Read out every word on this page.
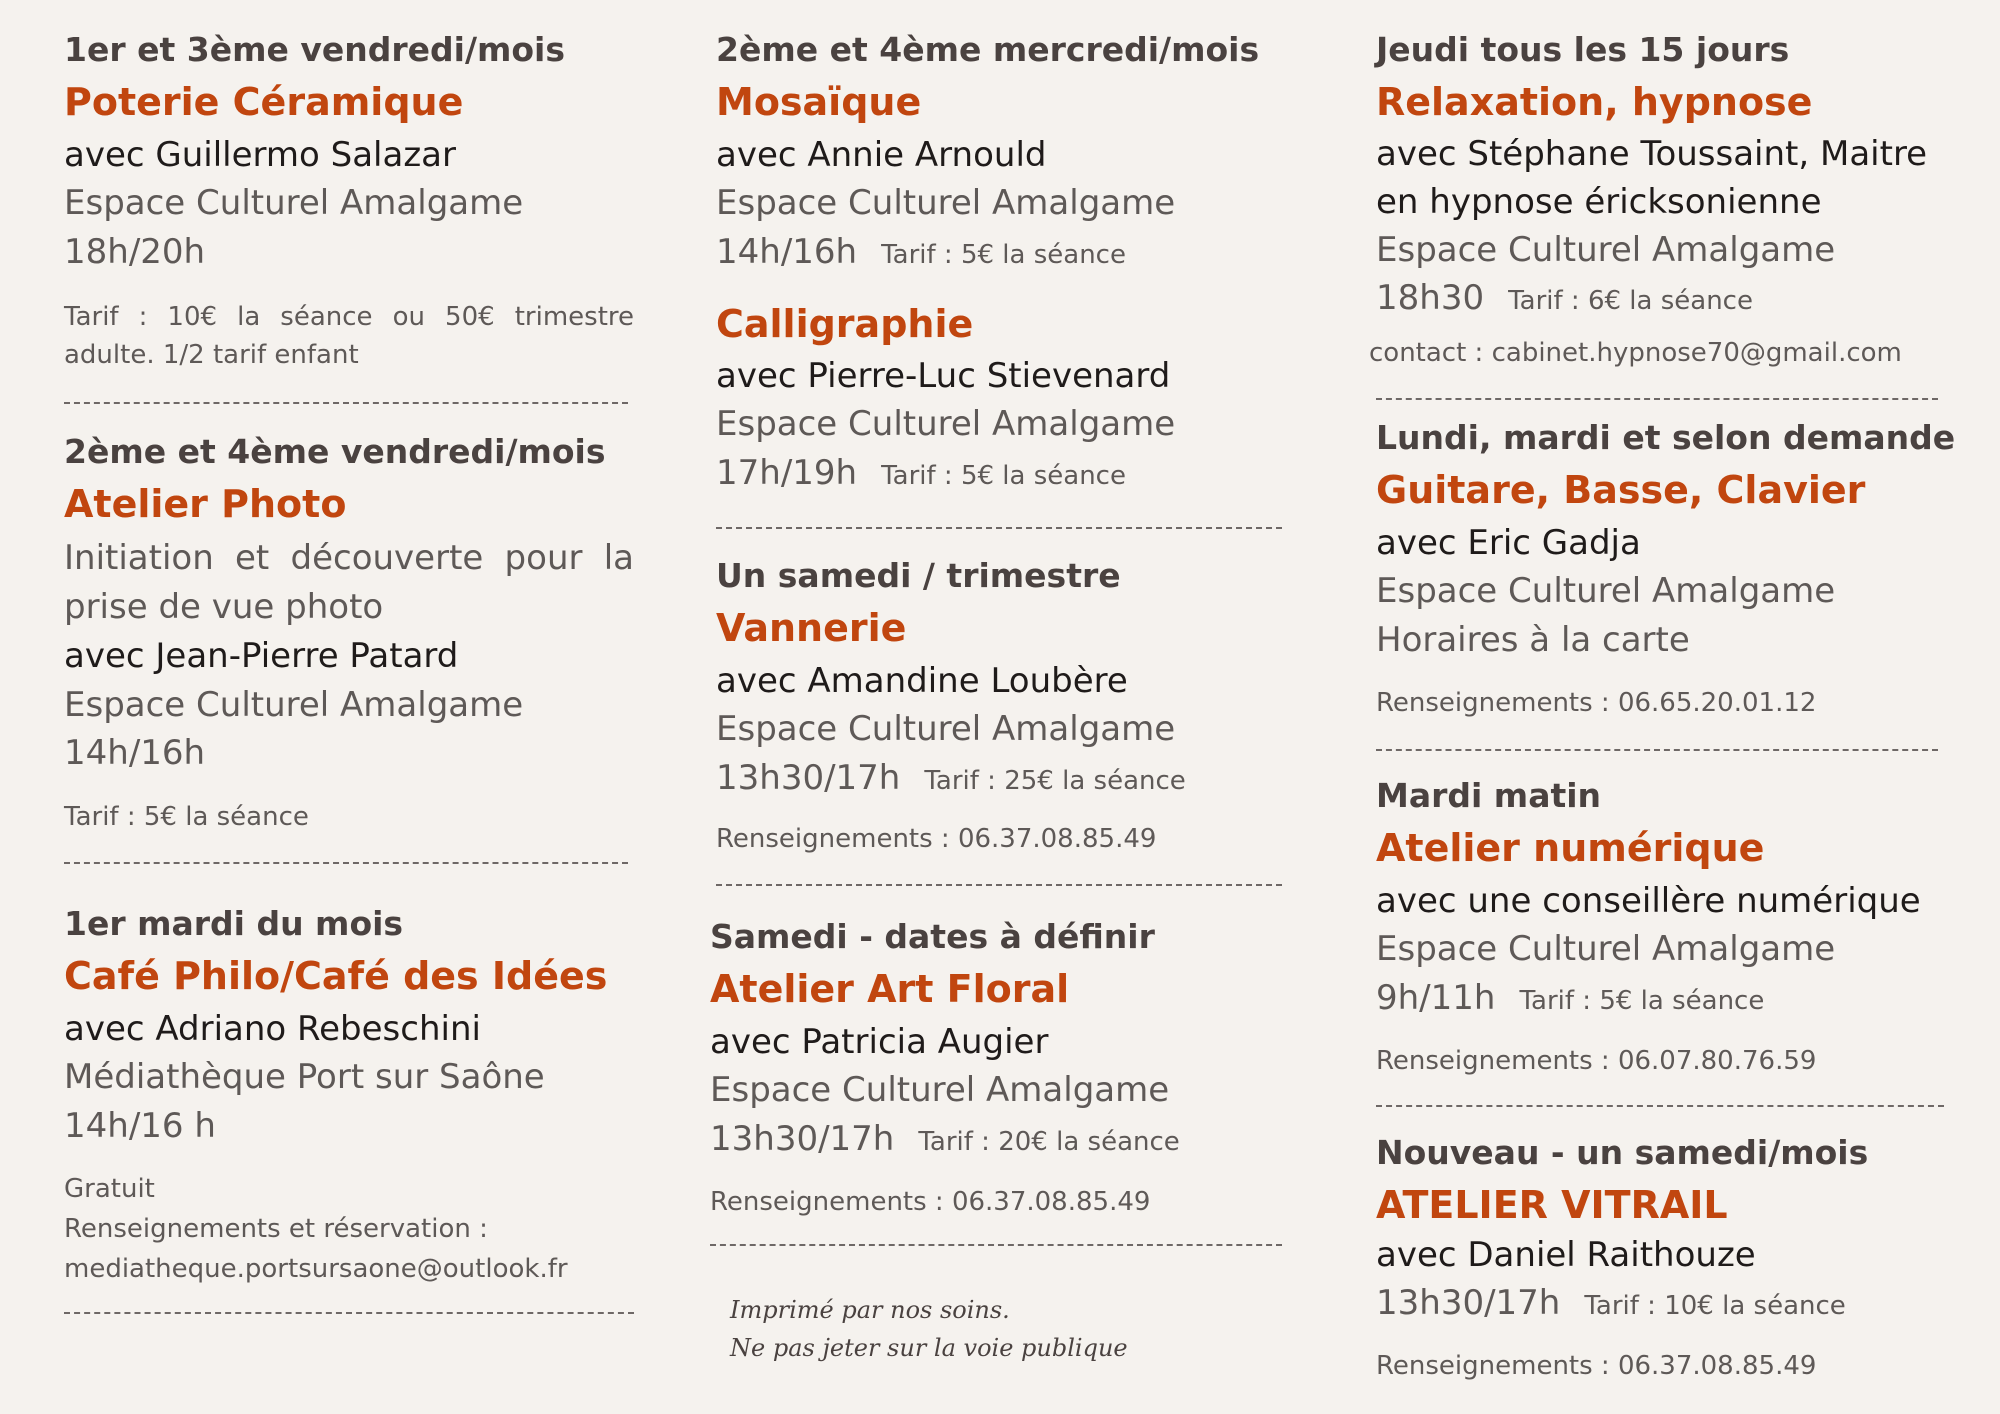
1er et 3ème vendredi/mois

Poterie Céramique

avec Guillermo Salazar

Espace Culturel Amalgame

18h/20h

Tarif : 10€ la séance ou 50€ trimestre adulte. 1/2 tarif enfant

2ème et 4ème vendredi/mois

Atelier Photo

Initiation et découverte pour la

prise de vue photo

avec Jean-Pierre Patard

Espace Culturel Amalgame

14h/16h

Tarif : 5€ la séance

1er mardi du mois

Café Philo/Café des Idées

avec Adriano Rebeschini

Médiathèque Port sur Saône

14h/16 h

Gratuit

Renseignements et réservation :

mediatheque.portsursaone@outlook.fr

2ème et 4ème mercredi/mois

Mosaïque

avec Annie Arnould

Espace Culturel Amalgame

14h/16h Tarif : 5€ la séance

Calligraphie

avec Pierre-Luc Stievenard

Espace Culturel Amalgame

17h/19h Tarif : 5€ la séance

Un samedi / trimestre

Vannerie

avec Amandine Loubère

Espace Culturel Amalgame

13h30/17h Tarif : 25€ la séance

Renseignements : 06.37.08.85.49

Samedi - dates à définir

Atelier Art Floral

avec Patricia Augier

Espace Culturel Amalgame

13h30/17h Tarif : 20€ la séance

Renseignements : 06.37.08.85.49

Imprimé par nos soins.

Ne pas jeter sur la voie publique

Jeudi tous les 15 jours

Relaxation, hypnose

avec Stéphane Toussaint, Maitre

en hypnose éricksonienne

Espace Culturel Amalgame

18h30 Tarif : 6€ la séance

contact : cabinet.hypnose70@gmail.com

Lundi, mardi et selon demande

Guitare, Basse, Clavier

avec Eric Gadja

Espace Culturel Amalgame

Horaires à la carte

Renseignements : 06.65.20.01.12

Mardi matin

Atelier numérique

avec une conseillère numérique

Espace Culturel Amalgame

9h/11h Tarif : 5€ la séance

Renseignements : 06.07.80.76.59

Nouveau - un samedi/mois

ATELIER VITRAIL

avec Daniel Raithouze

13h30/17h Tarif : 10€ la séance

Renseignements : 06.37.08.85.49
